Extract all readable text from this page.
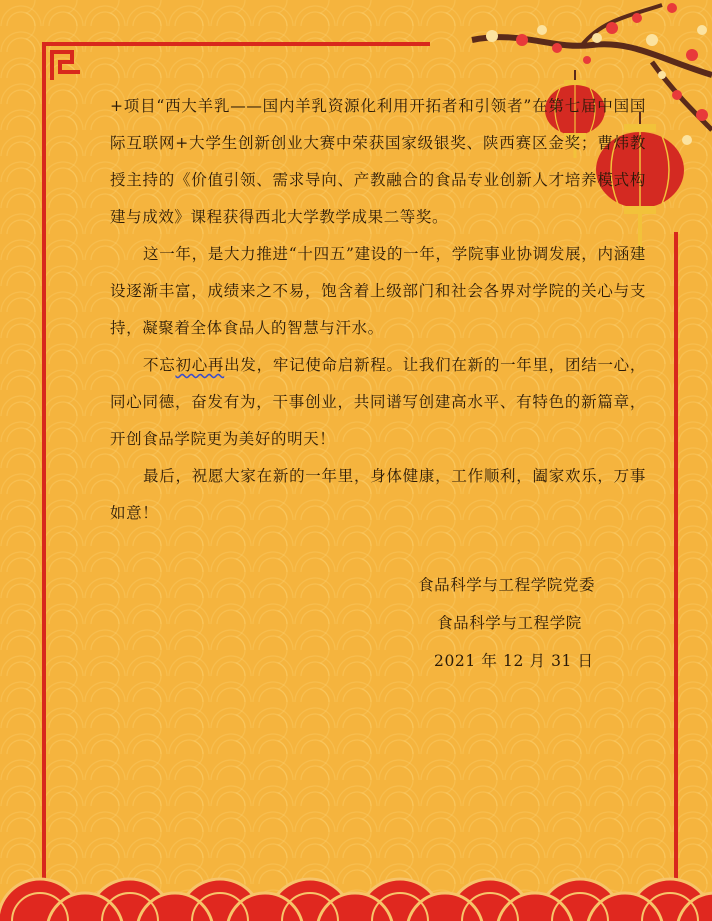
+项目“西大羊乳——国内羊乳资源化利用开拓者和引领者”在第七届中国国际互联网+大学生创新创业大赛中荣获国家级银奖、陕西赛区金奖；曹炜教授主持的《价值引领、需求导向、产教融合的食品专业创新人才培养模式构建与成效》课程获得西北大学教学成果二等奖。

这一年，是大力推进“十四五”建设的一年，学院事业协调发展，内涵建设逐渐丰富，成绩来之不易，饱含着上级部门和社会各界对学院的关心与支持，凝聚着全体食品人的智慧与汗水。

不忘初心再出发，牢记使命启新程。让我们在新的一年里，团结一心，同心同德，奋发有为，干事创业，共同谱写创建高水平、有特色的新篇章，开创食品学院更为美好的明天！

最后，祝愿大家在新的一年里，身体健康，工作顺利，阖家欢乐，万事如意！

食品科学与工程学院党委
食品科学与工程学院
2021 年 12 月 31 日
